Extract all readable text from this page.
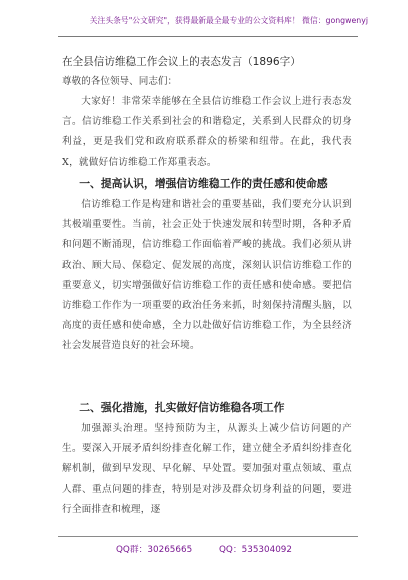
关注头条号"公文研究"，获得最新最全最专业的公文资料库！ 微信：gongwenyj
在全县信访维稳工作会议上的表态发言（1896字）
尊敬的各位领导、同志们：

大家好！非常荣幸能够在全县信访维稳工作会议上进行表态发言。信访维稳工作关系到社会的和谐稳定，关系到人民群众的切身利益，更是我们党和政府联系群众的桥梁和纽带。在此，我代表X，就做好信访维稳工作郑重表态。

一、提高认识，增强信访维稳工作的责任感和使命感

信访维稳工作是构建和谐社会的重要基础，我们要充分认识到其极端重要性。当前，社会正处于快速发展和转型时期，各种矛盾和问题不断涌现，信访维稳工作面临着严峻的挑战。我们必须从讲政治、顾大局、保稳定、促发展的高度，深刻认识信访维稳工作的重要意义，切实增强做好信访维稳工作的责任感和使命感。要把信访维稳工作作为一项重要的政治任务来抓，时刻保持清醒头脑，以高度的责任感和使命感，全力以赴做好信访维稳工作，为全县经济社会发展营造良好的社会环境。

二、强化措施，扎实做好信访维稳各项工作

加强源头治理。坚持预防为主，从源头上减少信访问题的产生。要深入开展矛盾纠纷排查化解工作，建立健全矛盾纠纷排查化解机制，做到早发现、早化解、早处置。要加强对重点领域、重点人群、重点问题的排查，特别是对涉及群众切身利益的问题，要进行全面排查和梳理，逐

QQ群：30265665	QQ：535304092
